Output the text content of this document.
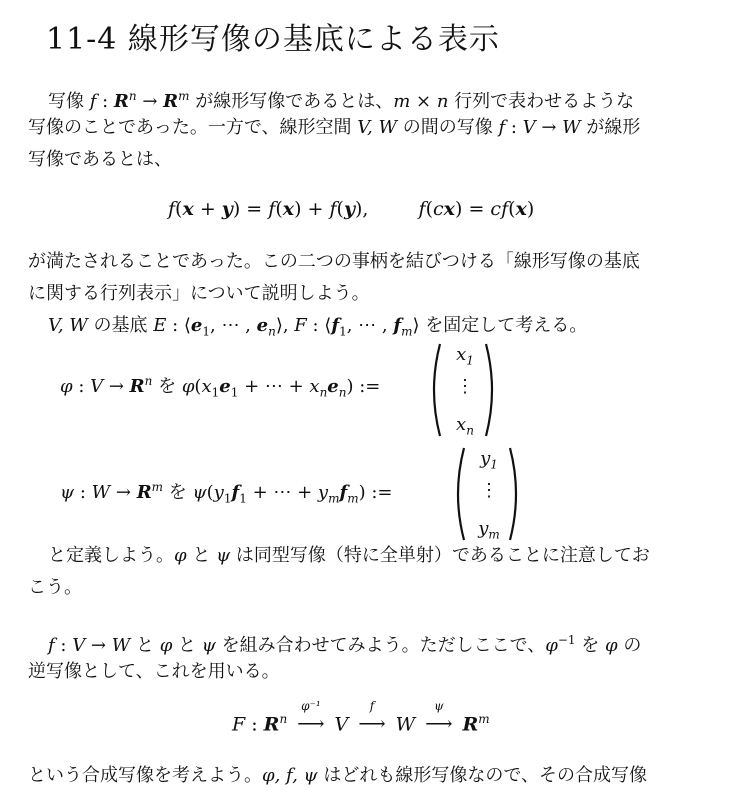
11-4 線形写像の基底による表示
写像 f : $R^n \to R^m$ が線形写像であるとは、m × n 行列で表わせるような
写像のことであった。一方で、線形空間 V, W の間の写像 f : V → W が線形
写像であるとは、
f(x + y) = f(x) + f(y),  f(cx) = cf(x)
が満たされることであった。この二つの事柄を結びつける「線形写像の基底
に関する行列表示」について説明しよう。
V, W の基底 E : $⟨e_1$, ⋯ , $e_n⟩$, F : $⟨f_1$, ⋯ , $f_m⟩$ を固定して考える。
φ : $V \to R^n$ を $\varphi(x_1e_1$ + ⋯ + $x_ne_n$) :=
$x_1$
⋮
$x_n$
ψ : $W \to R^m$ を $\psi(y_1f_1$ + ⋯ + $y_mf_m$) :=
$y_1$
⋮
$y_m$
と定義しよう。φ と ψ は同型写像（特に全単射）であることに注意してお
こう。
f : V → W と φ と ψ を組み合わせてみよう。ただしここで、$\varphi^{-1}$ を φ の
逆写像として、これを用いる。
F : $R^n$
φ⁻¹
⟶ V
f
⟶ W
ψ
⟶ $R^m$
という合成写像を考えよう。φ, f, ψ はどれも線形写像なので、その合成写像
